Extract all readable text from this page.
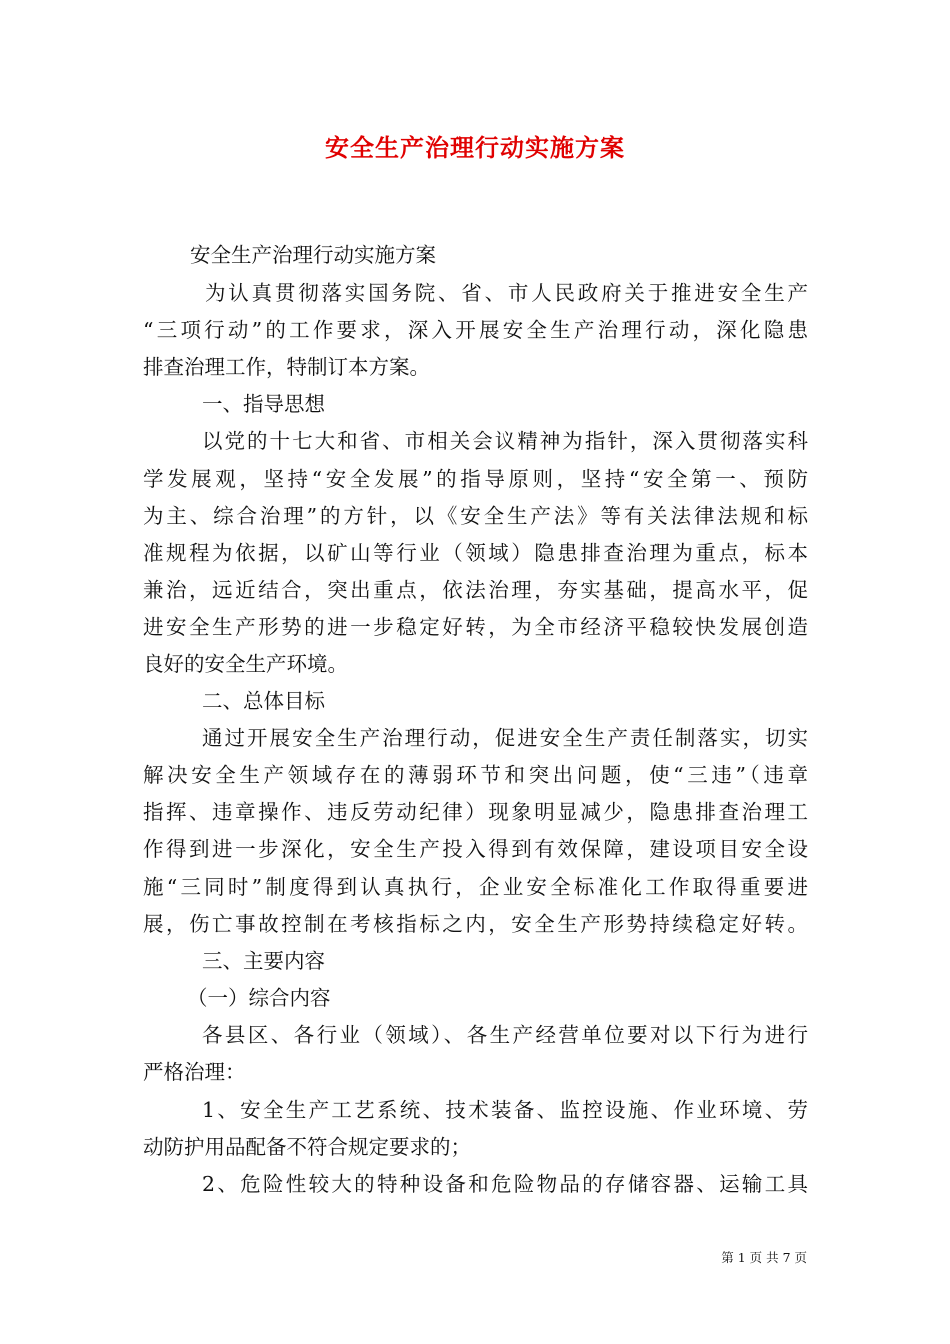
安全生产治理行动实施方案
安全生产治理行动实施方案
为认真贯彻落实国务院、省、市人民政府关于推进安全生产
“三项行动”的工作要求，深入开展安全生产治理行动，深化隐患
排查治理工作，特制订本方案。
一、指导思想
以党的十七大和省、市相关会议精神为指针，深入贯彻落实科
学发展观，坚持“安全发展”的指导原则，坚持“安全第一、预防
为主、综合治理”的方针，以《安全生产法》等有关法律法规和标
准规程为依据，以矿山等行业（领域）隐患排查治理为重点，标本
兼治，远近结合，突出重点，依法治理，夯实基础，提高水平，促
进安全生产形势的进一步稳定好转，为全市经济平稳较快发展创造
良好的安全生产环境。
二、总体目标
通过开展安全生产治理行动，促进安全生产责任制落实，切实
解决安全生产领域存在的薄弱环节和突出问题，使“三违”（违章
指挥、违章操作、违反劳动纪律）现象明显减少，隐患排查治理工
作得到进一步深化，安全生产投入得到有效保障，建设项目安全设
施“三同时”制度得到认真执行，企业安全标准化工作取得重要进
展，伤亡事故控制在考核指标之内，安全生产形势持续稳定好转。
三、主要内容
（一）综合内容
各县区、各行业（领域）、各生产经营单位要对以下行为进行
严格治理：
1、安全生产工艺系统、技术装备、监控设施、作业环境、劳
动防护用品配备不符合规定要求的；
2、危险性较大的特种设备和危险物品的存储容器、运输工具
第 1 页 共 7 页
